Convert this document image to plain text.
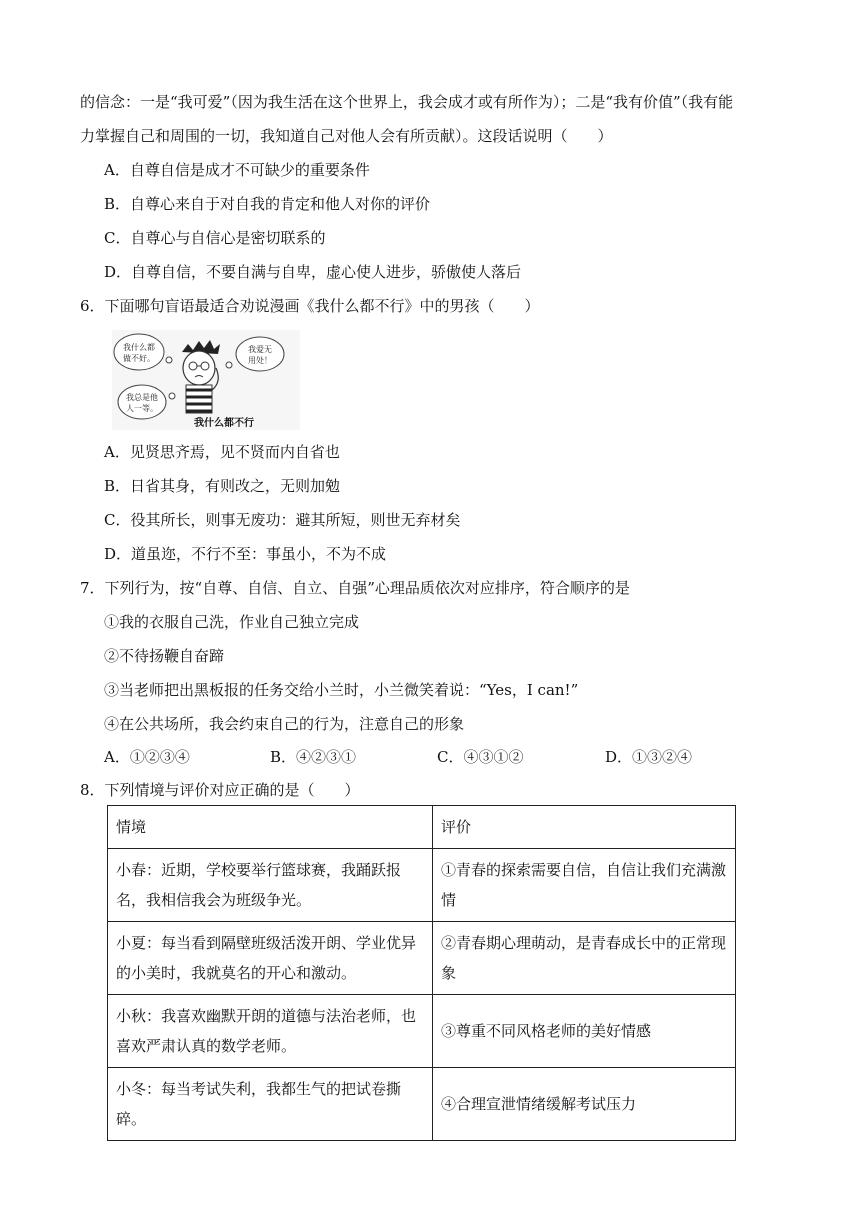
的信念：一是“我可爱”（因为我生活在这个世界上，我会成才或有所作为）；二是“我有价值”（我有能
力掌握自己和周围的一切，我知道自己对他人会有所贡献）。这段话说明（　　）
A．自尊自信是成才不可缺少的重要条件
B．自尊心来自于对自我的肯定和他人对你的评价
C．自尊心与自信心是密切联系的
D．自尊自信，不要自满与自卑，虚心使人进步，骄傲使人落后
6．下面哪句盲语最适合劝说漫画《我什么都不行》中的男孩（　　）
我什么都
做不好。
我爱无
用处！
我总是他
人一等。
我什么都不行
A．见贤思齐焉，见不贤而内自省也
B．日省其身，有则改之，无则加勉
C．役其所长，则事无废功：避其所短，则世无弃材矣
D．道虽迩，不行不至：事虽小，不为不成
7．下列行为，按“自尊、自信、自立、自强”心理品质依次对应排序，符合顺序的是
①我的衣服自己洗，作业自己独立完成
②不待扬鞭自奋蹄
③当老师把出黑板报的任务交给小兰时，小兰微笑着说：“Yes，I can!”
④在公共场所，我会约束自己的行为，注意自己的形象
A．①②③④	B．④②③①	C．④③①②	D．①③②④
8．下列情境与评价对应正确的是（　　）
情境	评价
小春：近期，学校要举行篮球赛，我踊跃报名，我相信我会为班级争光。	①青春的探索需要自信，自信让我们充满激情
小夏：每当看到隔壁班级活泼开朗、学业优异的小美时，我就莫名的开心和激动。	②青春期心理萌动，是青春成长中的正常现象
小秋：我喜欢幽默开朗的道德与法治老师，也喜欢严肃认真的数学老师。	③尊重不同风格老师的美好情感
小冬：每当考试失利，我都生气的把试卷撕碎。	④合理宣泄情绪缓解考试压力
